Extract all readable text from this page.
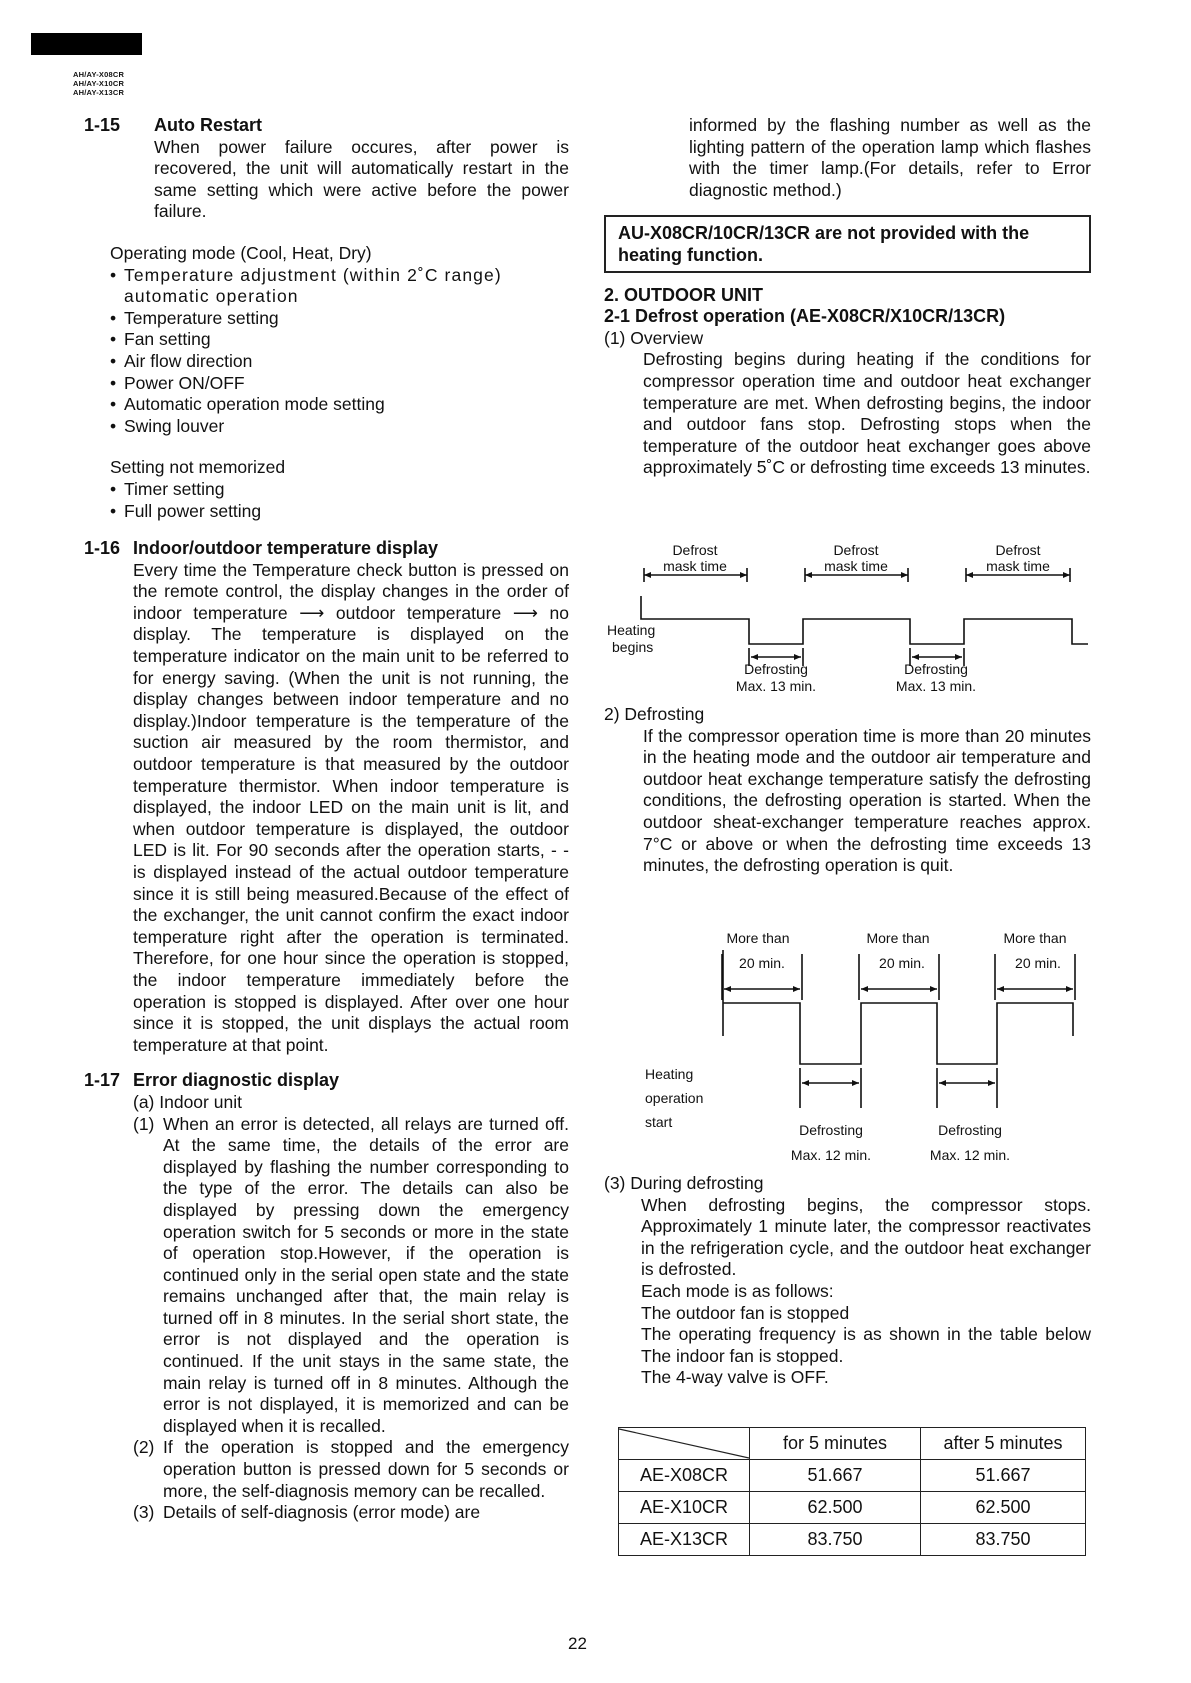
AH/AY-X08CR
AH/AY-X10CR
AH/AY-X13CR
1-15 Auto Restart

When power failure occures, after power is recovered, the unit will automatically restart in the same setting which were active before the power failure.

Operating mode (Cool, Heat, Dry)

• Temperature adjustment (within 2˚C range) automatic operation
• Temperature setting
• Fan setting
• Air flow direction
• Power ON/OFF
• Automatic operation mode setting
• Swing louver

Setting not memorized

• Timer setting
• Full power setting
1-16 Indoor/outdoor temperature display

Every time the Temperature check button is pressed on the remote control, the display changes in the order of indoor temperature ⟶ outdoor temperature ⟶ no display. The temperature is displayed on the temperature indicator on the main unit to be referred to for energy saving. (When the unit is not running, the display changes between indoor temperature and no display.)Indoor temperature is the temperature of the suction air measured by the room thermistor, and outdoor temperature is that measured by the outdoor temperature thermistor. When indoor temperature is displayed, the indoor LED on the main unit is lit, and when outdoor temperature is displayed, the outdoor LED is lit. For 90 seconds after the operation starts, - - is displayed instead of the actual outdoor temperature since it is still being measured.Because of the effect of the exchanger, the unit cannot confirm the exact indoor temperature right after the operation is terminated. Therefore, for one hour since the operation is stopped, the indoor temperature immediately before the operation is stopped is displayed. After over one hour since it is stopped, the unit displays the actual room temperature at that point.

1-17 Error diagnostic display

(a) Indoor unit

(1) When an error is detected, all relays are turned off. At the same time, the details of the error are displayed by flashing the number corresponding to the type of the error. The details can also be displayed by pressing down the emergency operation switch for 5 seconds or more in the state of operation stop.However, if the operation is continued only in the serial open state and the state remains unchanged after that, the main relay is turned off in 8 minutes. In the serial short state, the error is not displayed and the operation is continued. If the unit stays in the same state, the main relay is turned off in 8 minutes. Although the error is not displayed, it is memorized and can be displayed when it is recalled.

(2) If the operation is stopped and the emergency operation button is pressed down for 5 seconds or more, the self-diagnosis memory can be recalled.

(3) Details of self-diagnosis (error mode) are

informed by the flashing number as well as the lighting pattern of the operation lamp which flashes with the timer lamp.(For details, refer to Error diagnostic method.)

AU-X08CR/10CR/13CR are not provided with the heating function.
2. OUTDOOR UNIT
2-1 Defrost operation (AE-X08CR/X10CR/13CR)

(1) Overview

Defrosting begins during heating if the conditions for compressor operation time and outdoor heat exchanger temperature are met. When defrosting begins, the indoor and outdoor fans stop. Defrosting stops when the temperature of the outdoor heat exchanger goes above approximately 5˚C or defrosting time exceeds 13 minutes.

Defrost
mask time
Defrost
mask time
Defrost
mask time
Defrosting
Max. 13 min.
Defrosting
Max. 13 min.
Heating
begins

2) Defrosting

If the compressor operation time is more than 20 minutes in the heating mode and the outdoor air temperature and outdoor heat exchange temperature satisfy the defrosting conditions, the defrosting operation is started. When the outdoor sheat-exchanger temperature reaches approx. 7°C or above or when the defrosting time exceeds 13 minutes, the defrosting operation is quit.

More than
20 min.
More than
20 min.
More than
20 min.
Defrosting
Max. 12 min.
Defrosting
Max. 12 min.
Heating
operation
start

(3) During defrosting

When defrosting begins, the compressor stops. Approximately 1 minute later, the compressor reactivates in the refrigeration cycle, and the outdoor heat exchanger is defrosted.

Each mode is as follows:

The outdoor fan is stopped

The operating frequency is as shown in the table below The indoor fan is stopped.

The 4-way valve is OFF.

	for 5 minutes	after 5 minutes
AE-X08CR	51.667	51.667
AE-X10CR	62.500	62.500
AE-X13CR	83.750	83.750
22
